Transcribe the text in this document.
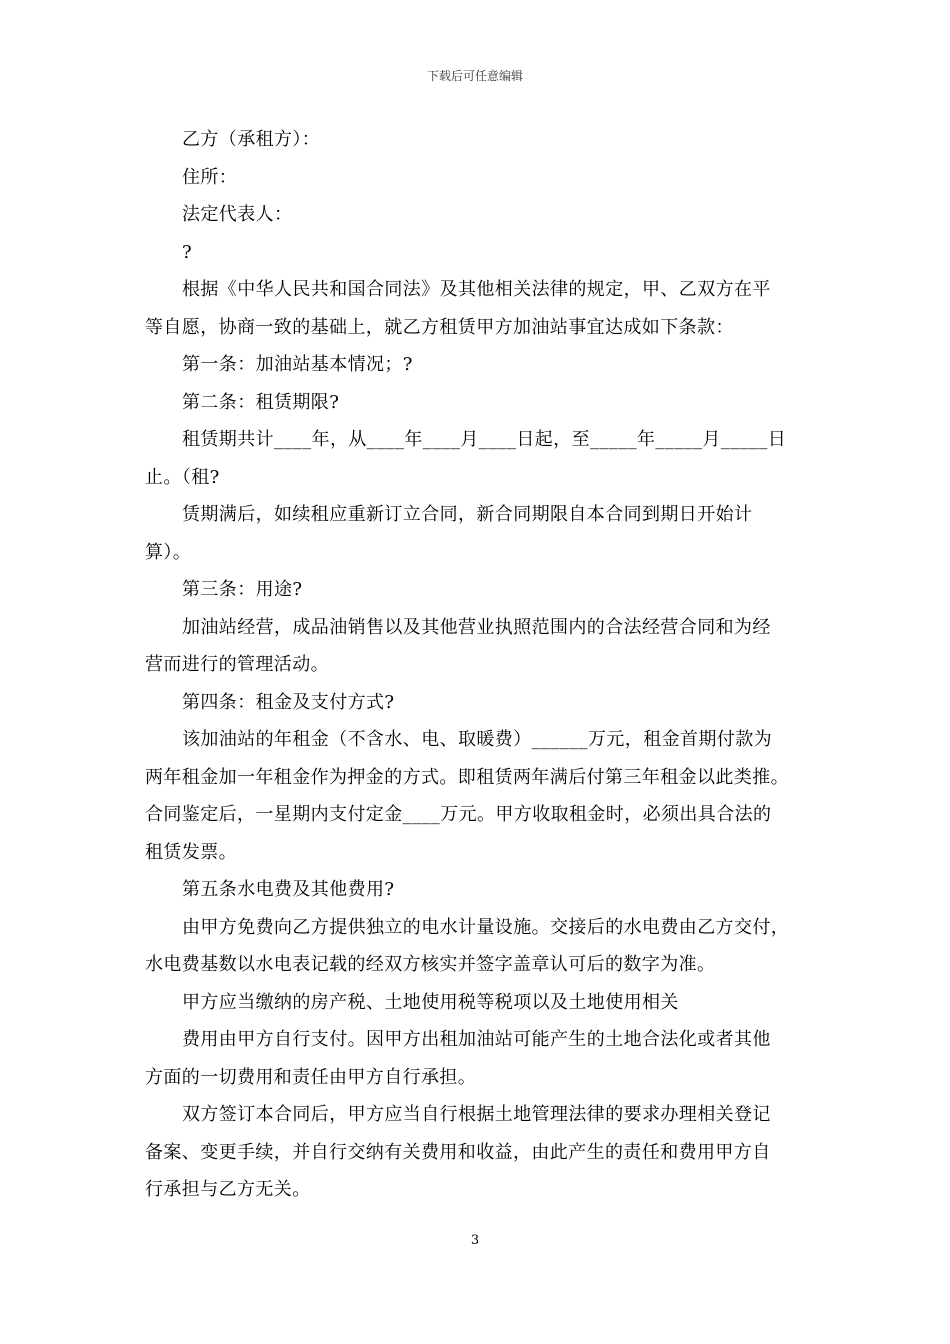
下载后可任意编辑
乙方（承租方）：
住所：
法定代表人：
?
根据《中华人民共和国合同法》及其他相关法律的规定，甲、乙双方在平
等自愿，协商一致的基础上，就乙方租赁甲方加油站事宜达成如下条款：
第一条：加油站基本情况；?
第二条：租赁期限?
租赁期共计____年，从____年____月____日起，至_____年_____月_____日
止。（租?
赁期满后，如续租应重新订立合同，新合同期限自本合同到期日开始计
算）。
第三条：用途?
加油站经营，成品油销售以及其他营业执照范围内的合法经营合同和为经
营而进行的管理活动。
第四条：租金及支付方式?
该加油站的年租金（不含水、电、取暖费）______万元，租金首期付款为
两年租金加一年租金作为押金的方式。即租赁两年满后付第三年租金以此类推。
合同鉴定后，一星期内支付定金____万元。甲方收取租金时，必须出具合法的
租赁发票。
第五条水电费及其他费用?
由甲方免费向乙方提供独立的电水计量设施。交接后的水电费由乙方交付，
水电费基数以水电表记载的经双方核实并签字盖章认可后的数字为准。
甲方应当缴纳的房产税、土地使用税等税项以及土地使用相关
费用由甲方自行支付。因甲方出租加油站可能产生的土地合法化或者其他
方面的一切费用和责任由甲方自行承担。
双方签订本合同后，甲方应当自行根据土地管理法律的要求办理相关登记
备案、变更手续，并自行交纳有关费用和收益，由此产生的责任和费用甲方自
行承担与乙方无关。
3
